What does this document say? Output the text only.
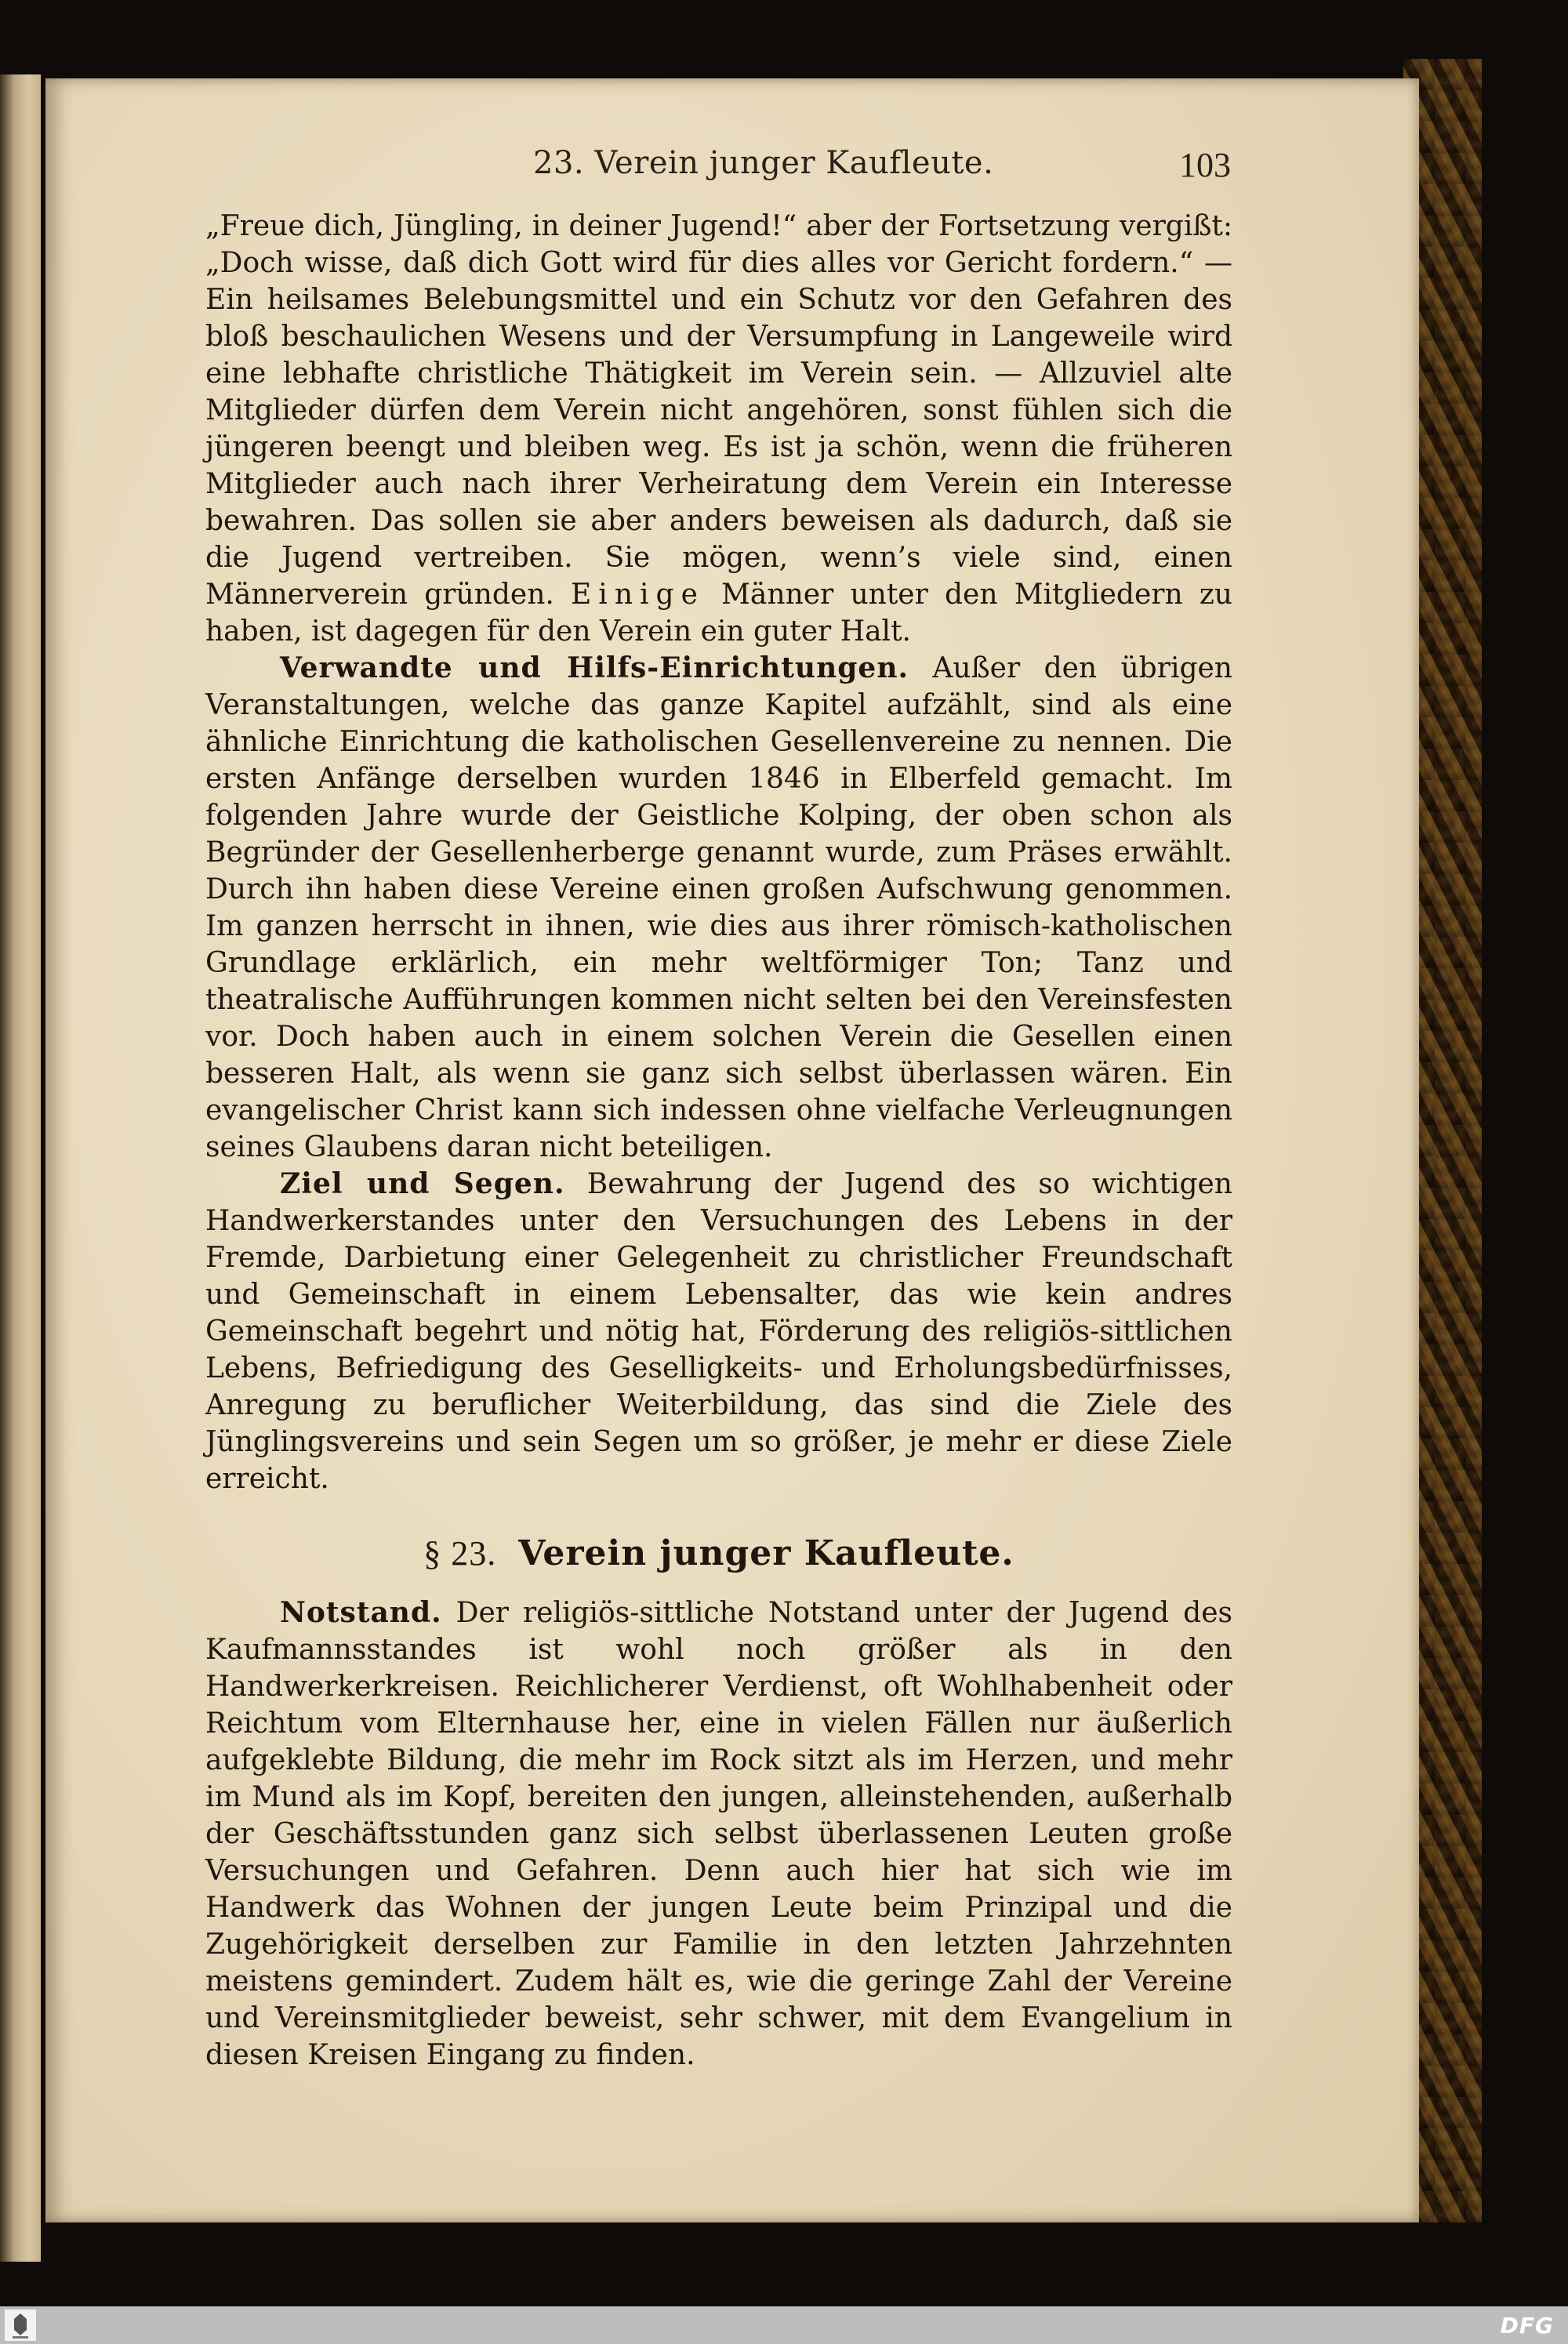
23. Verein junger Kaufleute.	103

„Freue dich, Jüngling, in deiner Jugend!“ aber der Fortsetzung vergißt: „Doch wisse, daß dich Gott wird für dies alles vor Gericht fordern.“ — Ein heilsames Belebungsmittel und ein Schutz vor den Gefahren des bloß beschaulichen Wesens und der Versumpfung in Langeweile wird eine lebhafte christliche Thätigkeit im Verein sein. — Allzuviel alte Mitglieder dürfen dem Verein nicht angehören, sonst fühlen sich die jüngeren beengt und bleiben weg. Es ist ja schön, wenn die früheren Mitglieder auch nach ihrer Verheiratung dem Verein ein Interesse bewahren. Das sollen sie aber anders beweisen als dadurch, daß sie die Jugend vertreiben. Sie mögen, wenn’s viele sind, einen Männerverein gründen. Einige Männer unter den Mitgliedern zu haben, ist dagegen für den Verein ein guter Halt.

Verwandte und Hilfs-Einrichtungen. Außer den übrigen Veranstaltungen, welche das ganze Kapitel aufzählt, sind als eine ähnliche Einrichtung die katholischen Gesellenvereine zu nennen. Die ersten Anfänge derselben wurden 1846 in Elberfeld gemacht. Im folgenden Jahre wurde der Geistliche Kolping, der oben schon als Begründer der Gesellenherberge genannt wurde, zum Präses erwählt. Durch ihn haben diese Vereine einen großen Aufschwung genommen. Im ganzen herrscht in ihnen, wie dies aus ihrer römisch-katholischen Grundlage erklärlich, ein mehr weltförmiger Ton; Tanz und theatralische Aufführungen kommen nicht selten bei den Vereinsfesten vor. Doch haben auch in einem solchen Verein die Gesellen einen besseren Halt, als wenn sie ganz sich selbst überlassen wären. Ein evangelischer Christ kann sich indessen ohne vielfache Verleugnungen seines Glaubens daran nicht beteiligen.

Ziel und Segen. Bewahrung der Jugend des so wichtigen Handwerkerstandes unter den Versuchungen des Lebens in der Fremde, Darbietung einer Gelegenheit zu christlicher Freundschaft und Gemeinschaft in einem Lebensalter, das wie kein andres Gemeinschaft begehrt und nötig hat, Förderung des religiös-sittlichen Lebens, Befriedigung des Geselligkeits- und Erholungsbedürfnisses, Anregung zu beruflicher Weiterbildung, das sind die Ziele des Jünglingsvereins und sein Segen um so größer, je mehr er diese Ziele erreicht.

§ 23. Verein junger Kaufleute.

Notstand. Der religiös-sittliche Notstand unter der Jugend des Kaufmannsstandes ist wohl noch größer als in den Handwerkerkreisen. Reichlicherer Verdienst, oft Wohlhabenheit oder Reichtum vom Elternhause her, eine in vielen Fällen nur äußerlich aufgeklebte Bildung, die mehr im Rock sitzt als im Herzen, und mehr im Mund als im Kopf, bereiten den jungen, alleinstehenden, außerhalb der Geschäftsstunden ganz sich selbst überlassenen Leuten große Versuchungen und Gefahren. Denn auch hier hat sich wie im Handwerk das Wohnen der jungen Leute beim Prinzipal und die Zugehörigkeit derselben zur Familie in den letzten Jahrzehnten meistens gemindert. Zudem hält es, wie die geringe Zahl der Vereine und Vereinsmitglieder beweist, sehr schwer, mit dem Evangelium in diesen Kreisen Eingang zu finden.

DFG
